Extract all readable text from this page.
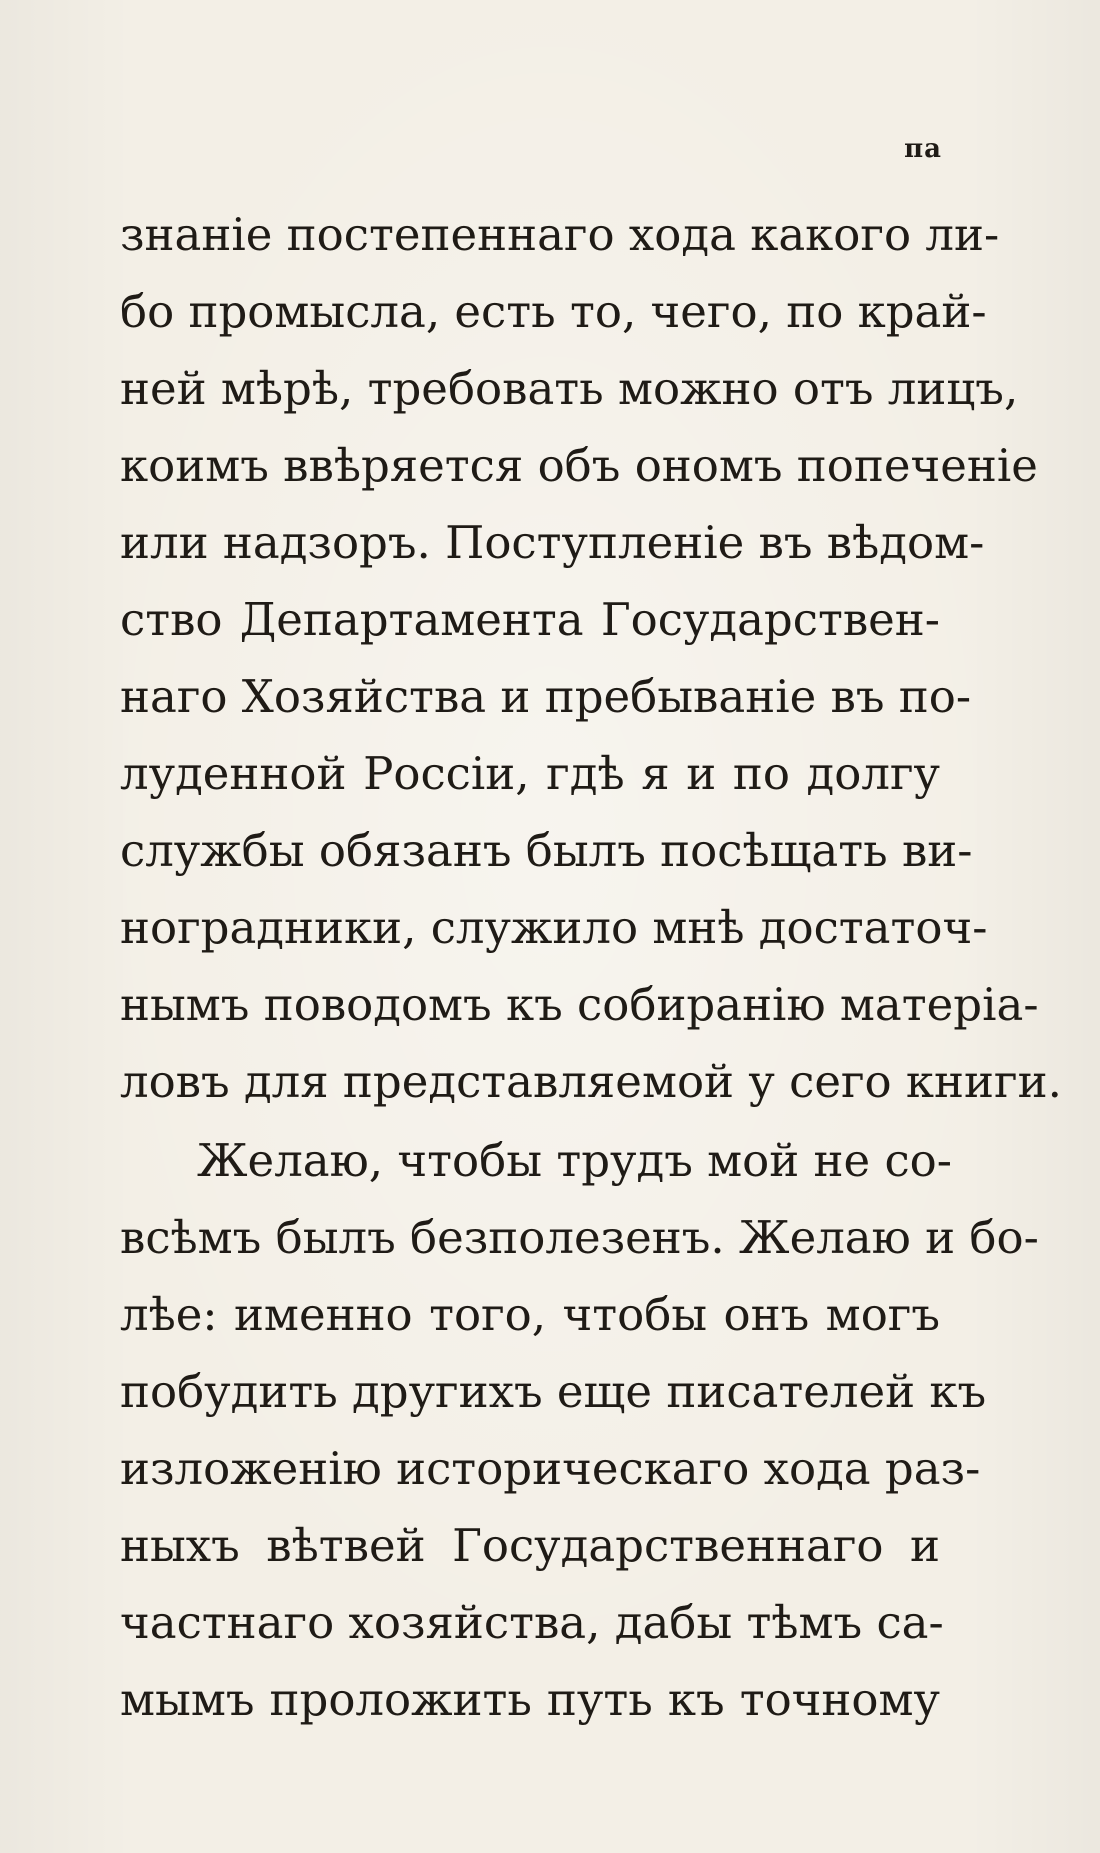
па
знаніе постепеннаго хода какого ли-
бо промысла, есть то, чего, по край-
ней мѣрѣ, требовать можно отъ лицъ,
коимъ ввѣряется объ ономъ попеченіе
или надзоръ. Поступленіе въ вѣдом-
ство Департамента Государствен-
наго Хозяйства и пребываніе въ по-
луденной Россіи, гдѣ я и по долгу
службы обязанъ былъ посѣщать ви-
ноградники, служило мнѣ достаточ-
нымъ поводомъ къ собиранію матеріа-
ловъ для представляемой у сего книги.
Желаю, чтобы трудъ мой не со-
всѣмъ былъ безполезенъ. Желаю и бо-
лѣе: именно того, чтобы онъ могъ
побудить другихъ еще писателей къ
изложенію историческаго хода раз-
ныхъ вѣтвей Государственнаго и
частнаго хозяйства, дабы тѣмъ са-
мымъ проложить путь къ точному
